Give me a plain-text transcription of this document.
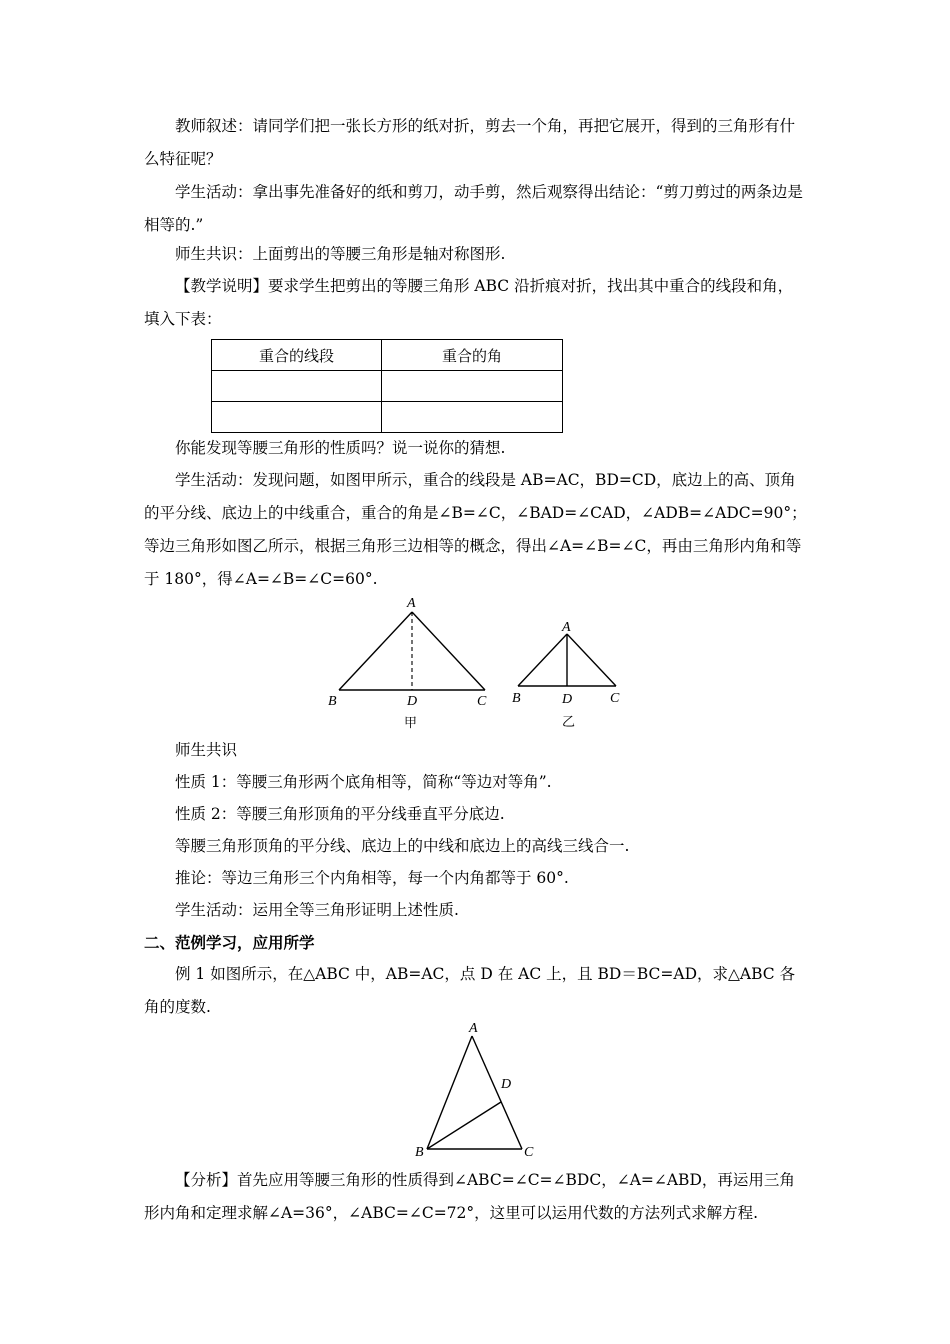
教师叙述：请同学们把一张长方形的纸对折，剪去一个角，再把它展开，得到的三角形有什么特征呢？

学生活动：拿出事先准备好的纸和剪刀，动手剪，然后观察得出结论：“剪刀剪过的两条边是相等的.”

师生共识：上面剪出的等腰三角形是轴对称图形.

【教学说明】要求学生把剪出的等腰三角形 ABC 沿折痕对折，找出其中重合的线段和角，填入下表：

重合的线段	重合的角

你能发现等腰三角形的性质吗？说一说你的猜想.

学生活动：发现问题，如图甲所示，重合的线段是 AB=AC，BD=CD，底边上的高、顶角的平分线、底边上的中线重合，重合的角是∠B=∠C，∠BAD=∠CAD，∠ADB=∠ADC=90°；等边三角形如图乙所示，根据三角形三边相等的概念，得出∠A=∠B=∠C，再由三角形内角和等于 180°，得∠A=∠B=∠C=60°.

A
B	D	C
甲
A
B	D	C
乙

师生共识

性质 1：等腰三角形两个底角相等，简称“等边对等角”.

性质 2：等腰三角形顶角的平分线垂直平分底边.

等腰三角形顶角的平分线、底边上的中线和底边上的高线三线合一.

推论：等边三角形三个内角相等，每一个内角都等于 60°.

学生活动：运用全等三角形证明上述性质.

二、范例学习，应用所学

例 1 如图所示，在△ABC 中，AB=AC，点 D 在 AC 上，且 BD＝BC=AD，求△ABC 各角的度数.

A
D
B	C

【分析】首先应用等腰三角形的性质得到∠ABC=∠C=∠BDC，∠A=∠ABD，再运用三角形内角和定理求解∠A=36°，∠ABC=∠C=72°，这里可以运用代数的方法列式求解方程.
